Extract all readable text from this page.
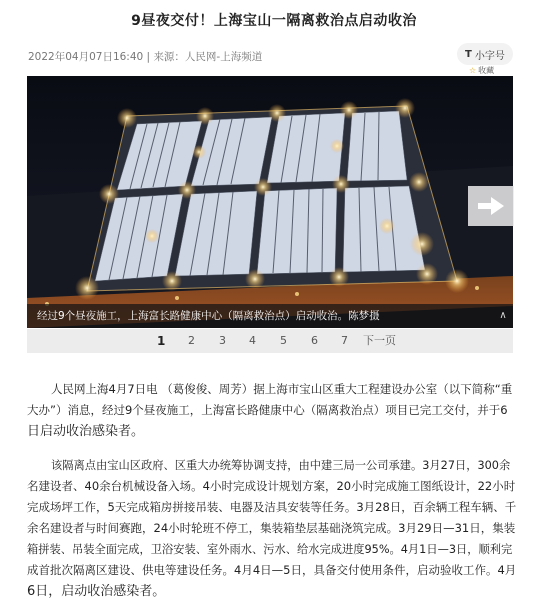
9昼夜交付！上海宝山一隔离救治点启动收治
2022年04月07日16:40 | 来源：人民网-上海频道	T 小字号
☆ 收藏
经过9个昼夜施工，上海富长路健康中心（隔离救治点）启动收治。陈梦摄	∧
1 2 3 4 5 6 7 下一页
人民网上海4月7日电 （葛俊俊、周芳）据上海市宝山区重大工程建设办公室（以下简称“重
大办”）消息，经过9个昼夜施工，上海富长路健康中心（隔离救治点）项目已完工交付，并于6
日启动收治感染者。
该隔离点由宝山区政府、区重大办统筹协调支持，由中建三局一公司承建。3月27日，300余
名建设者、40余台机械设备入场。4小时完成设计规划方案，20小时完成施工图纸设计，22小时
完成场坪工作，5天完成箱房拼接吊装、电器及洁具安装等任务。3月28日，百余辆工程车辆、千
余名建设者与时间赛跑，24小时轮班不停工，集装箱垫层基础浇筑完成。3月29日—31日，集装
箱拼装、吊装全面完成，卫浴安装、室外雨水、污水、给水完成进度95%。4月1日—3日，顺利完
成首批次隔离区建设、供电等建设任务。4月4日—5日，具备交付使用条件，启动验收工作。4月
6日，启动收治感染者。
